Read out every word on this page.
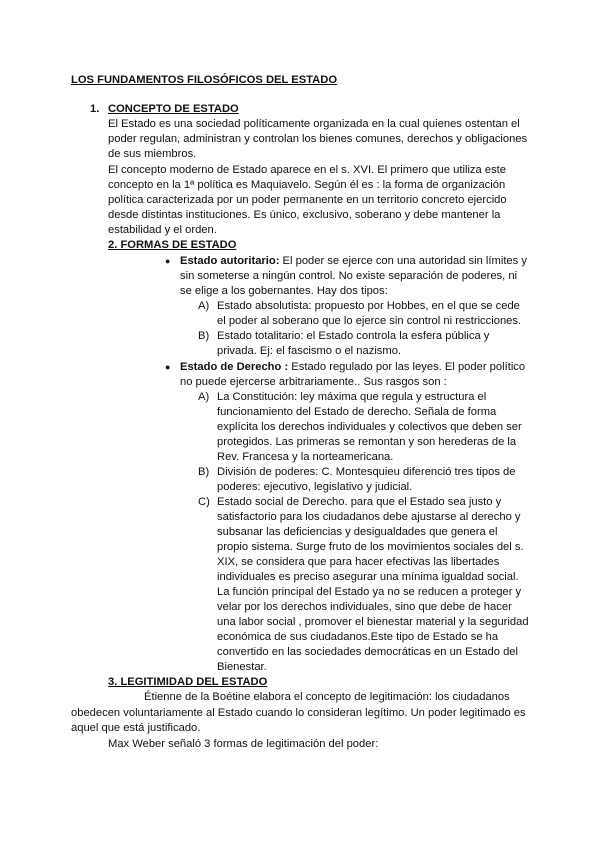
LOS FUNDAMENTOS FILOSÓFICOS DEL ESTADO
1. CONCEPTO DE ESTADO
El Estado es una sociedad políticamente organizada en la cual quienes ostentan el
poder regulan, administran y controlan los bienes comunes, derechos y obligaciones
de sus miembros.
El concepto moderno de Estado aparece en el s. XVI. El primero que utiliza este
concepto en la 1ª política es Maquiavelo. Según él es : la forma de organización
política caracterizada por un poder permanente en un territorio concreto ejercido
desde distintas instituciones. Es único, exclusivo, soberano y debe mantener la
estabilidad y el orden.
2. FORMAS DE ESTADO
● Estado autoritario: El poder se ejerce con una autoridad sin límites y
sin someterse a ningún control. No existe separación de poderes, ni
se elige a los gobernantes. Hay dos tipos:
A) Estado absolutista: propuesto por Hobbes, en el que se cede
el poder al soberano que lo ejerce sin control ni restricciones.
B) Estado totalitario: el Estado controla la esfera pública y
privada. Ej: el fascismo o el nazismo.
● Estado de Derecho : Estado regulado por las leyes. El poder político
no puede ejercerse arbitrariamente.. Sus rasgos son :
A) La Constitución: ley máxima que regula y estructura el
funcionamiento del Estado de derecho. Señala de forma
explícita los derechos individuales y colectivos que deben ser
protegidos. Las primeras se remontan y son herederas de la
Rev. Francesa y la norteamericana.
B) División de poderes: C. Montesquieu diferenció tres tipos de
poderes: ejecutivo, legislativo y judicial.
C) Estado social de Derecho. para que el Estado sea justo y
satisfactorio para los ciudadanos debe ajustarse al derecho y
subsanar las deficiencias y desigualdades que genera el
propio sistema. Surge fruto de los movimientos sociales del s.
XIX, se considera que para hacer efectivas las libertades
individuales es preciso asegurar una mínima igualdad social.
La función principal del Estado ya no se reducen a proteger y
velar por los derechos individuales, sino que debe de hacer
una labor social , promover el bienestar material y la seguridad
económica de sus ciudadanos.Este tipo de Estado se ha
convertido en las sociedades democráticas en un Estado del
Bienestar.
3. LEGITIMIDAD DEL ESTADO
Étienne de la Boétine elabora el concepto de legitimación: los ciudadanos
obedecen voluntariamente al Estado cuando lo consideran legítimo. Un poder legitimado es
aquel que está justificado.
Max Weber señaló 3 formas de legitimación del poder:
